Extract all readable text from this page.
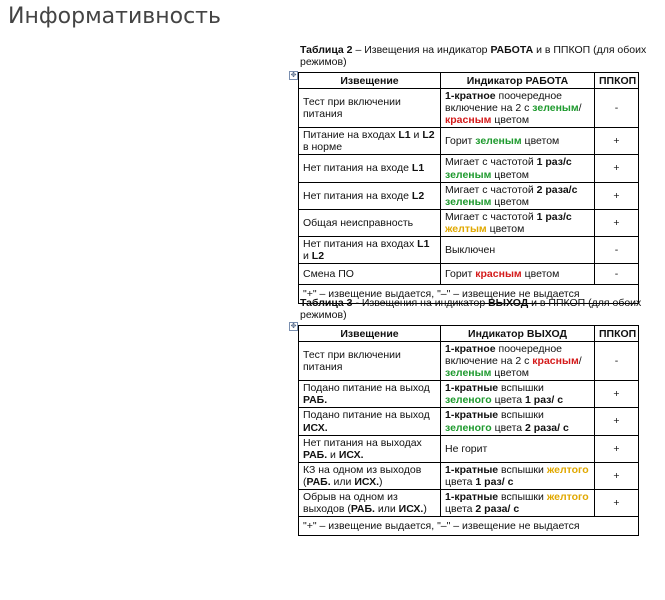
Информативность
Таблица 2 – Извещения на индикатор РАБОТА и в ППКОП (для обоих режимов)
✥	Извещение	Индикатор РАБОТА	ППКОП
Тест при включении питания	1-кратное поочередное включение на 2 с зеленым/ красным цветом	-
Питание на входах L1 и L2 в норме	Горит зеленым цветом	+
Нет питания на входе L1	Мигает с частотой 1 раз/с зеленым цветом	+
Нет питания на входе L2	Мигает с частотой 2 раза/с зеленым цветом	+
Общая неисправность	Мигает с частотой 1 раз/с желтым цветом	+
Нет питания на входах L1 и L2	Выключен	-
Смена ПО	Горит красным цветом	-
"+" – извещение выдается, "–" – извещение не выдается		
Таблица 3 - Извещения на индикатор ВЫХОД и в ППКОП (для обоих режимов)
✥
Извещение	Индикатор ВЫХОД	ППКОП
Тест при включении питания	1-кратное поочередное включение на 2 с красным/ зеленым цветом	-
Подано питание на выход РАБ.	1-кратные вспышки зеленого цвета 1 раз/ с	+
Подано питание на выход ИСХ.	1-кратные вспышки зеленого цвета 2 раза/ с	+
Нет питания на выходах РАБ. и ИСХ.	Не горит	+
КЗ на одном из выходов (РАБ. или ИСХ.)	1-кратные вспышки желтого цвета 1 раз/ с	+
Обрыв на одном из выходов (РАБ. или ИСХ.)	1-кратные вспышки желтого цвета 2 раза/ с	+
"+" – извещение выдается, "–" – извещение не выдается		
